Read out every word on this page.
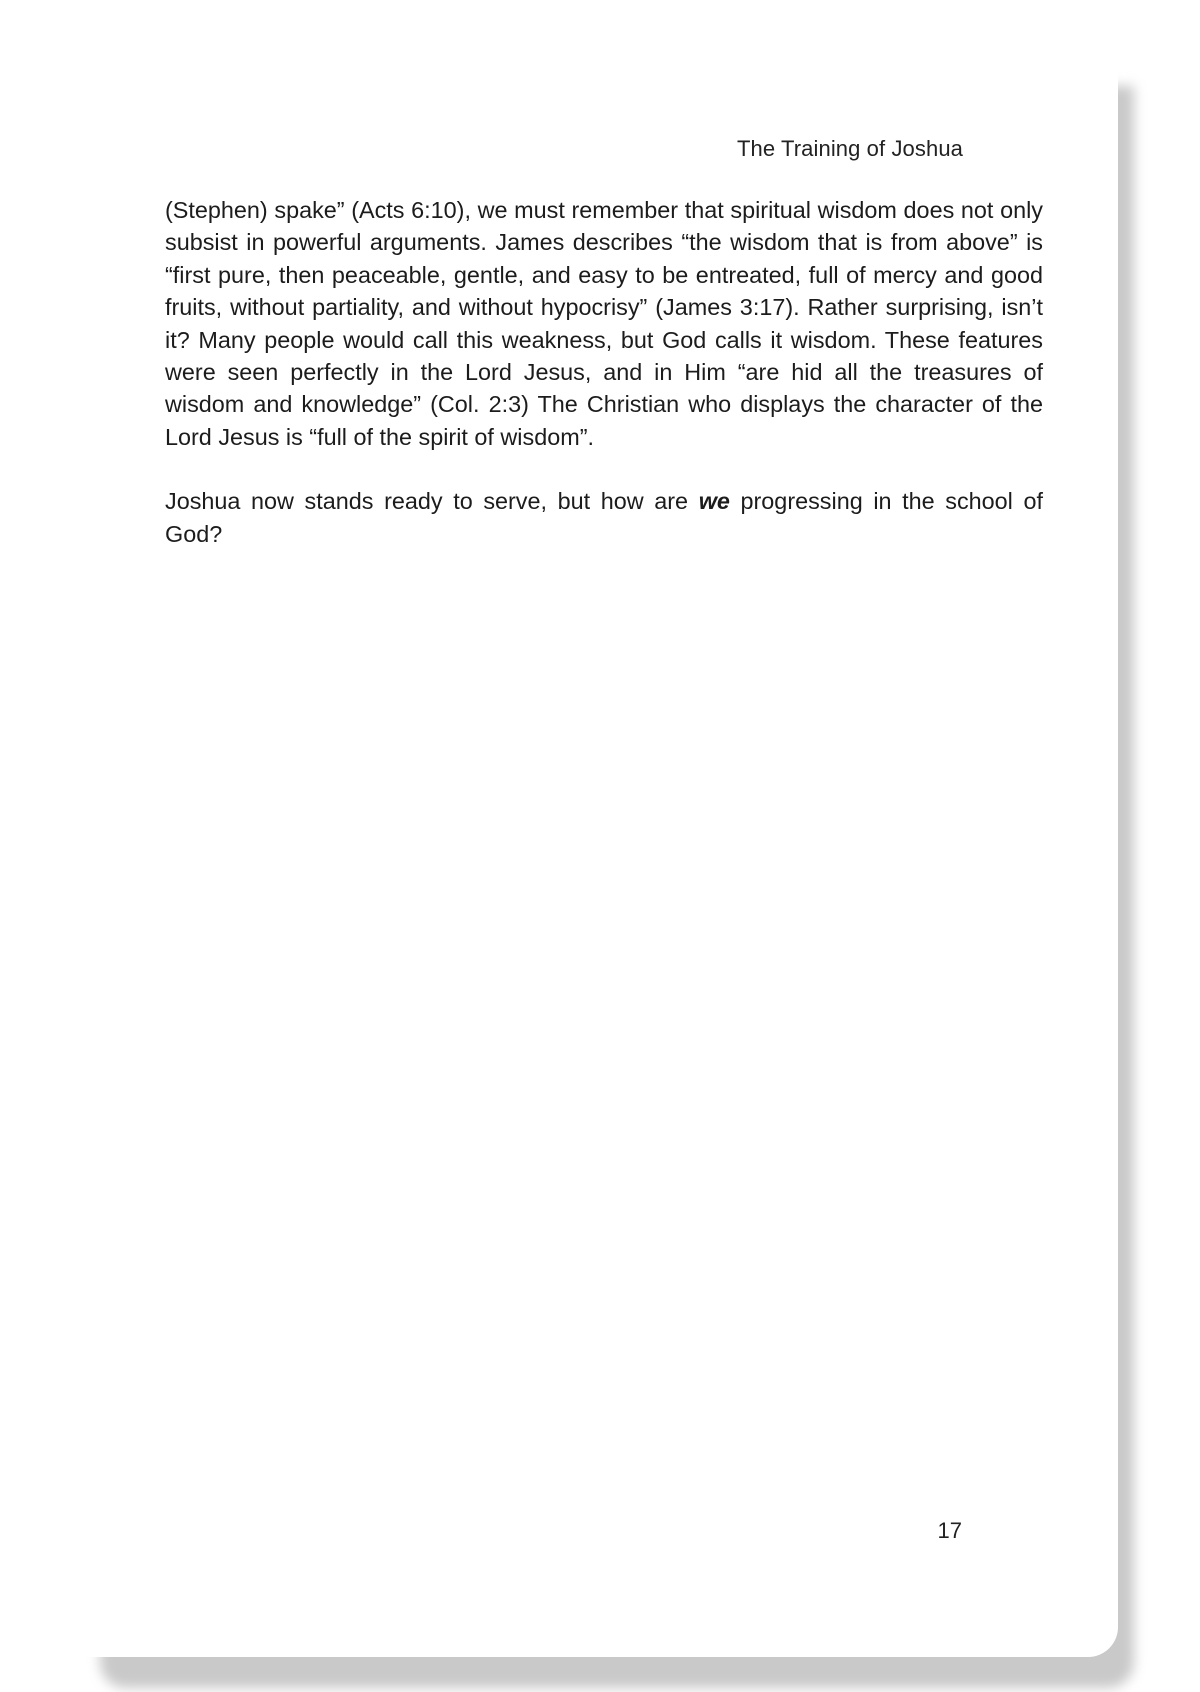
The Training of Joshua

(Stephen) spake” (Acts 6:10), we must remember that spiritual wisdom does not only subsist in powerful arguments. James describes “the wisdom that is from above” is “first pure, then peaceable, gentle, and easy to be entreated, full of mercy and good fruits, without partiality, and without hypocrisy” (James 3:17). Rather surprising, isn’t it? Many people would call this weakness, but God calls it wisdom. These features were seen perfectly in the Lord Jesus, and in Him “are hid all the treasures of wisdom and knowledge” (Col. 2:3) The Christian who displays the character of the Lord Jesus is “full of the spirit of wisdom”.

Joshua now stands ready to serve, but how are we progressing in the school of God?

17
